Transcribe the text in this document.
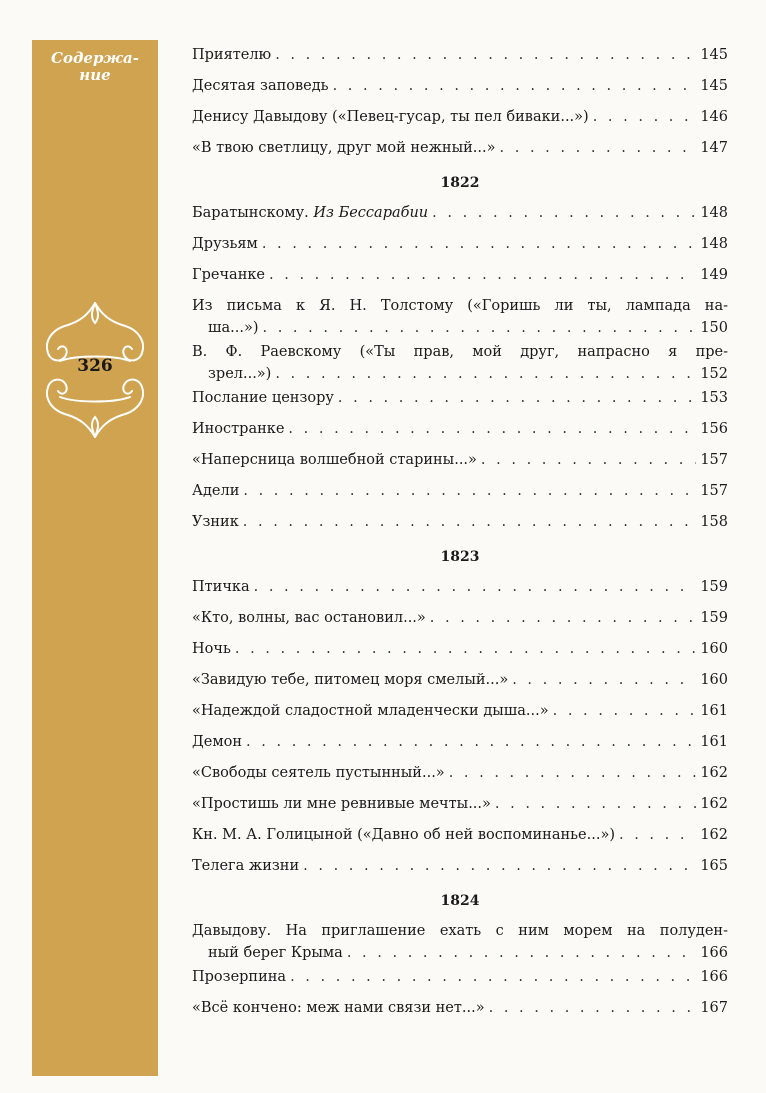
Содержа-
ние
326
Приятелю . . .	145
Десятая заповедь . . .	145
Денису Давыдову («Певец-гусар, ты пел биваки...») . . .	146
«В твою светлицу, друг мой нежный...» . . .	147
1822
Баратынскому. Из Бессарабии . . .	148
Друзьям . . .	148
Гречанке . . .	149
Из письма к Я. Н. Толстому («Горишь ли ты, лампада на-
ша...») . . .	150
В. Ф. Раевскому («Ты прав, мой друг, напрасно я пре-
зрел...») . . .	152
Послание цензору . . .	153
Иностранке . . .	156
«Наперсница волшебной старины...» . . .	157
Адели . . .	157
Узник . . .	158
1823
Птичка . . .	159
«Кто, волны, вас остановил...» . . .	159
Ночь . . .	160
«Завидую тебе, питомец моря смелый...» . . .	160
«Надеждой сладостной младенчески дыша...» . . .	161
Демон . . .	161
«Свободы сеятель пустынный...» . . .	162
«Простишь ли мне ревнивые мечты...» . . .	162
Кн. М. А. Голицыной («Давно об ней воспоминанье...») . . .	162
Телега жизни . . .	165
1824
Давыдову. На приглашение ехать с ним морем на полуден-
ный берег Крыма . . .	166
Прозерпина . . .	166
«Всё кончено: меж нами связи нет...» . . .	167
